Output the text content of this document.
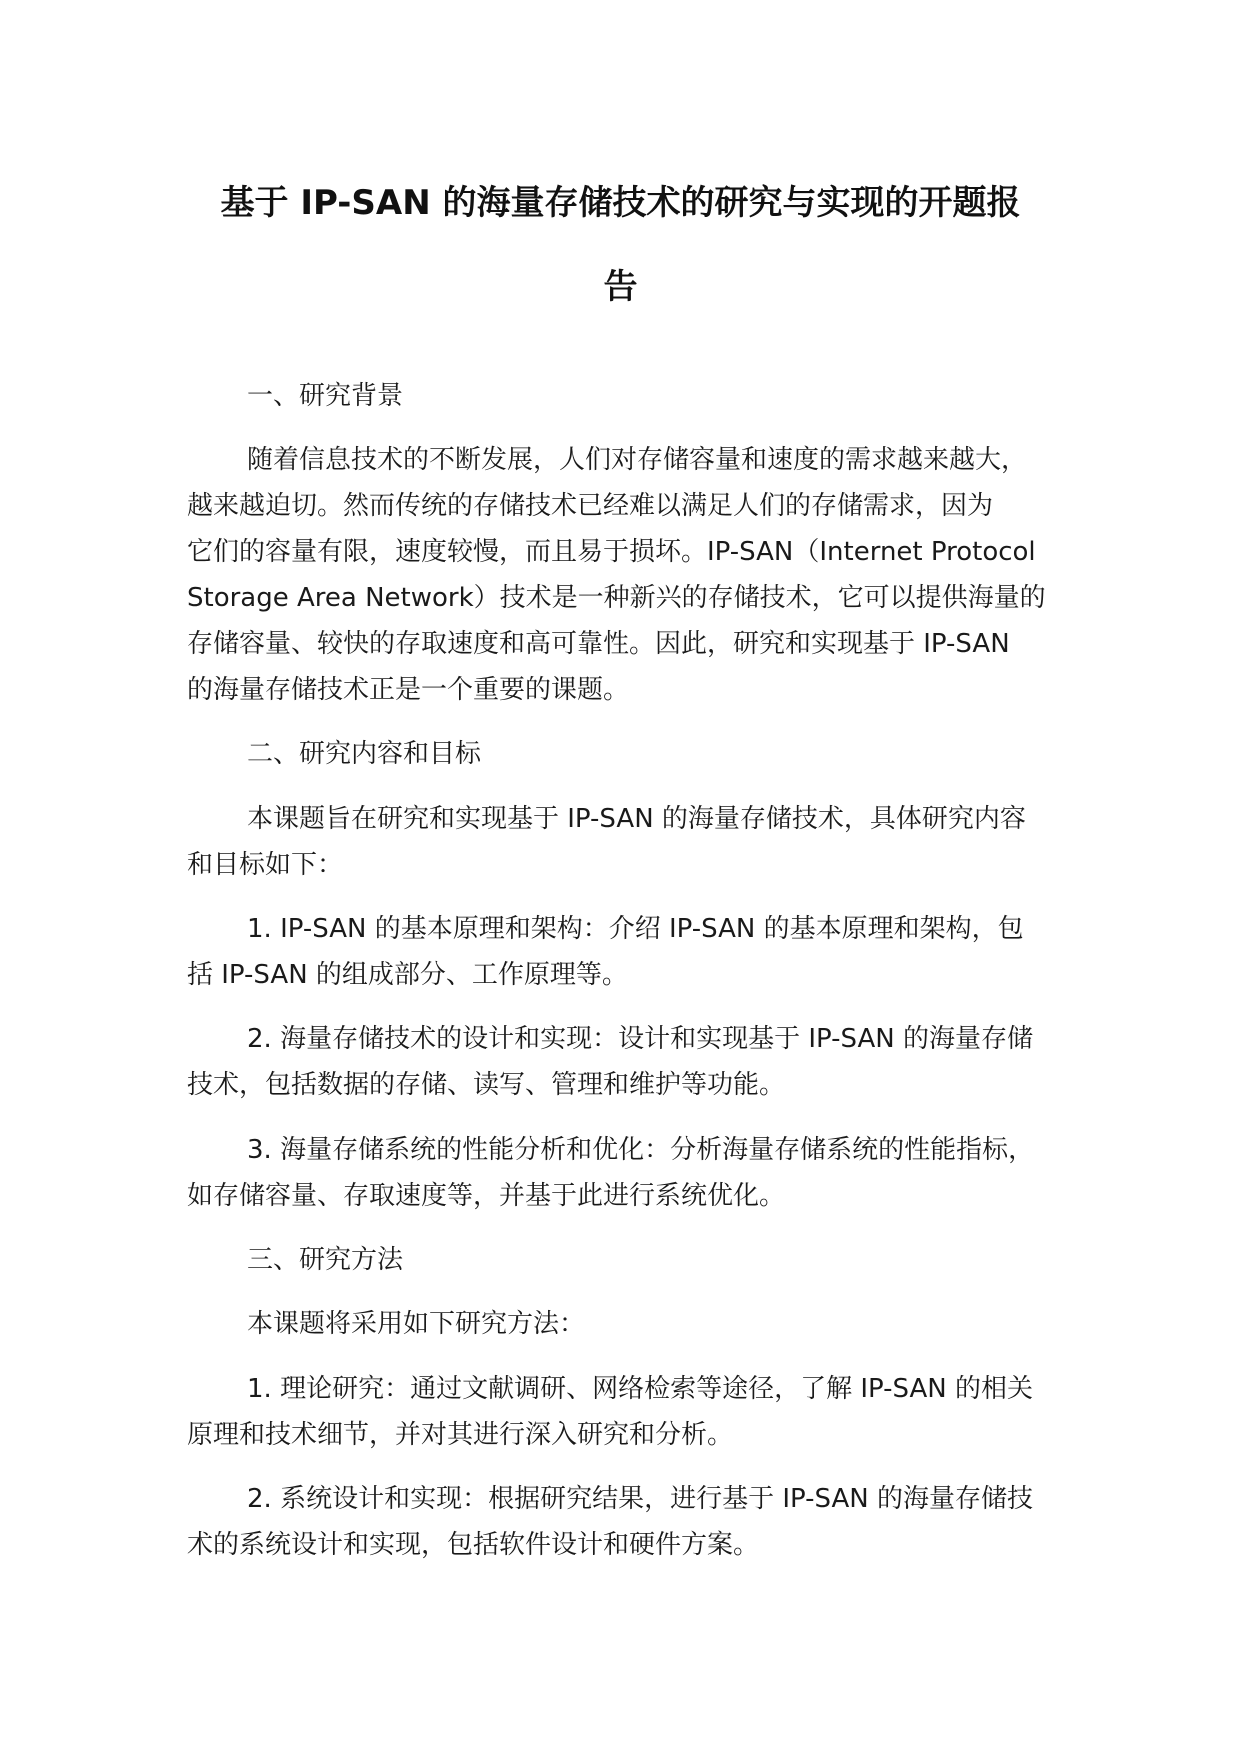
基于 IP-SAN 的海量存储技术的研究与实现的开题报
告

一、研究背景

随着信息技术的不断发展，人们对存储容量和速度的需求越来越大，

越来越迫切。然而传统的存储技术已经难以满足人们的存储需求，因为

它们的容量有限，速度较慢，而且易于损坏。IP-SAN（Internet Protocol

Storage Area Network）技术是一种新兴的存储技术，它可以提供海量的

存储容量、较快的存取速度和高可靠性。因此，研究和实现基于 IP-SAN

的海量存储技术正是一个重要的课题。

二、研究内容和目标

本课题旨在研究和实现基于 IP-SAN 的海量存储技术，具体研究内容

和目标如下：

1. IP-SAN 的基本原理和架构：介绍 IP-SAN 的基本原理和架构，包

括 IP-SAN 的组成部分、工作原理等。

2. 海量存储技术的设计和实现：设计和实现基于 IP-SAN 的海量存储

技术，包括数据的存储、读写、管理和维护等功能。

3. 海量存储系统的性能分析和优化：分析海量存储系统的性能指标，

如存储容量、存取速度等，并基于此进行系统优化。

三、研究方法

本课题将采用如下研究方法：

1. 理论研究：通过文献调研、网络检索等途径，了解 IP-SAN 的相关

原理和技术细节，并对其进行深入研究和分析。

2. 系统设计和实现：根据研究结果，进行基于 IP-SAN 的海量存储技

术的系统设计和实现，包括软件设计和硬件方案。
